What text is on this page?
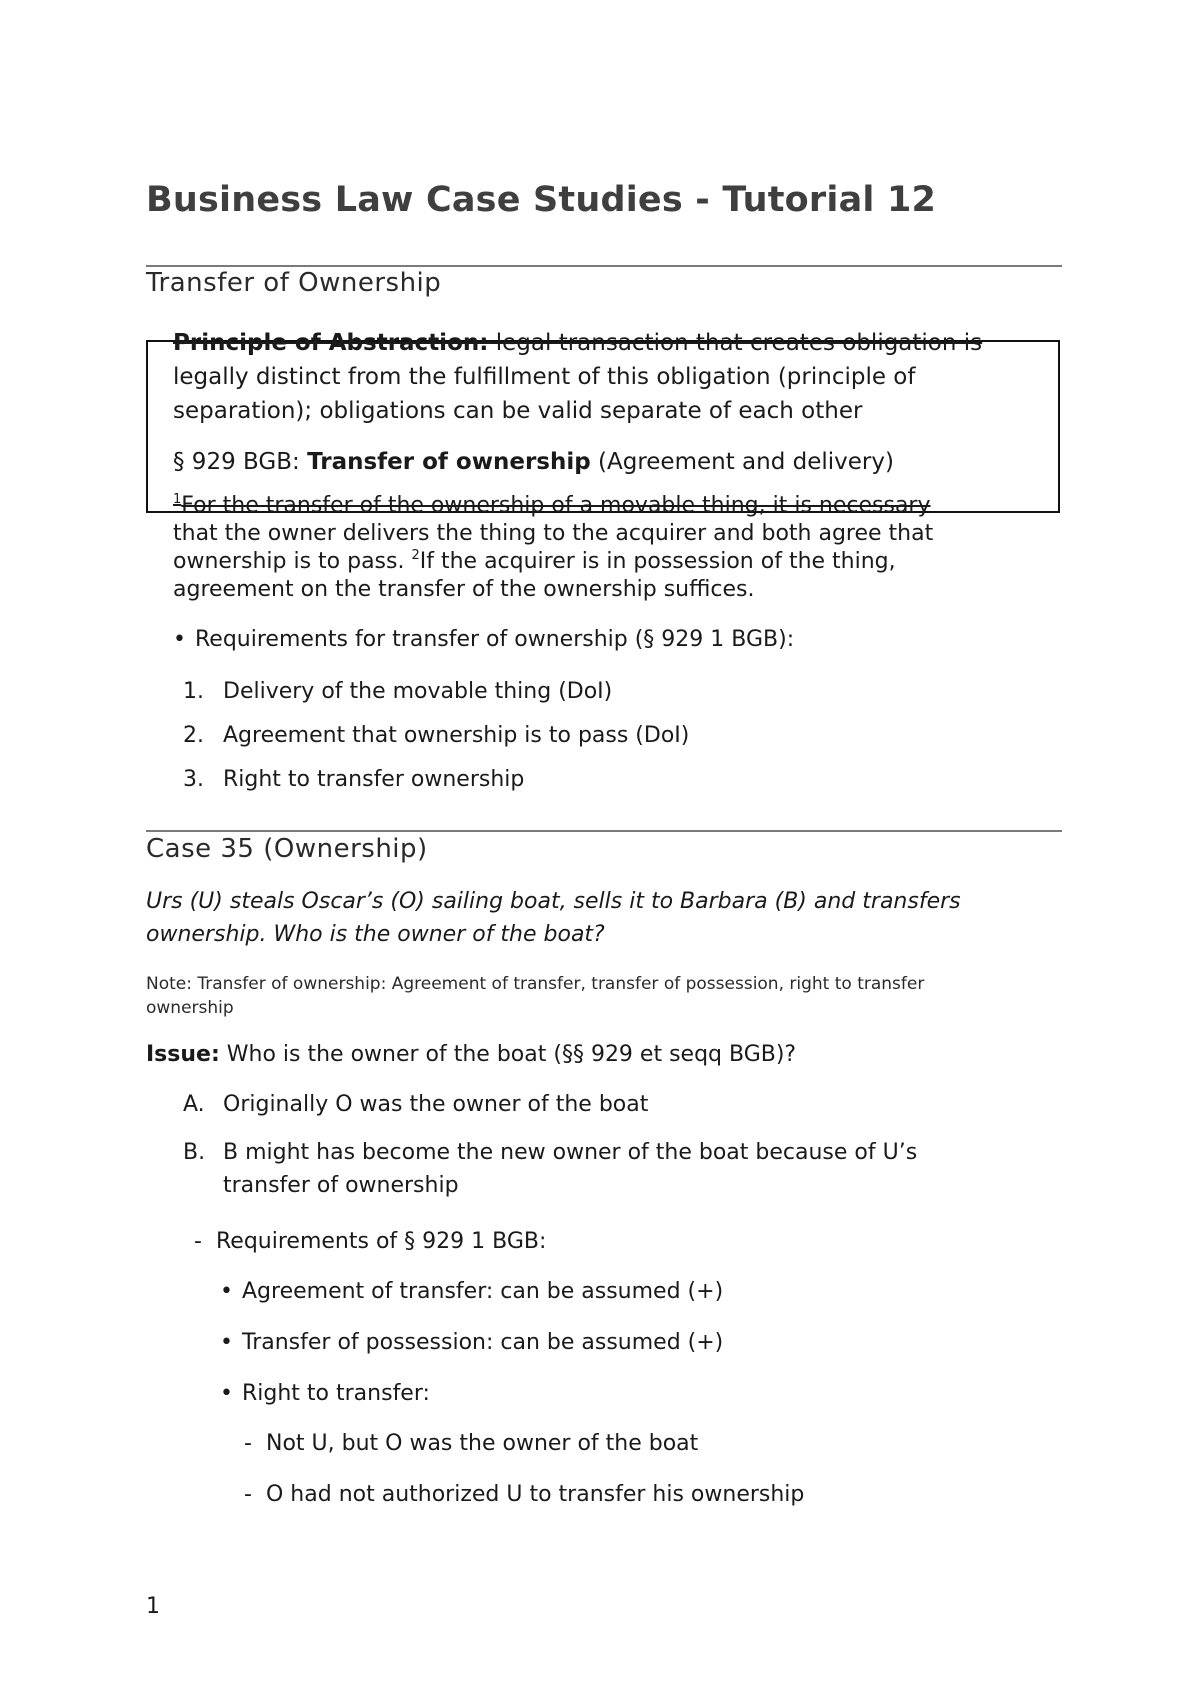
Business Law Case Studies - Tutorial 12
Transfer of Ownership
Principle of Abstraction: legal transaction that creates obligation is
legally distinct from the fulfillment of this obligation (principle of
separation); obligations can be valid separate of each other
§ 929 BGB: Transfer of ownership (Agreement and delivery)
$^1$For the transfer of the ownership of a movable thing, it is necessary
that the owner delivers the thing to the acquirer and both agree that
ownership is to pass. $^2$If the acquirer is in possession of the thing,
agreement on the transfer of the ownership suffices.
• Requirements for transfer of ownership (§ 929 1 BGB):
1. Delivery of the movable thing (DoI)
2. Agreement that ownership is to pass (DoI)
3. Right to transfer ownership
Case 35 (Ownership)
Urs (U) steals Oscar’s (O) sailing boat, sells it to Barbara (B) and transfers
ownership. Who is the owner of the boat?
Note: Transfer of ownership: Agreement of transfer, transfer of possession, right to transfer
ownership
Issue: Who is the owner of the boat (§§ 929 et seqq BGB)?
A. Originally O was the owner of the boat
B. B might has become the new owner of the boat because of U’s
transfer of ownership
- Requirements of § 929 1 BGB:
• Agreement of transfer: can be assumed (+)
• Transfer of possession: can be assumed (+)
• Right to transfer:
- Not U, but O was the owner of the boat
- O had not authorized U to transfer his ownership
1
